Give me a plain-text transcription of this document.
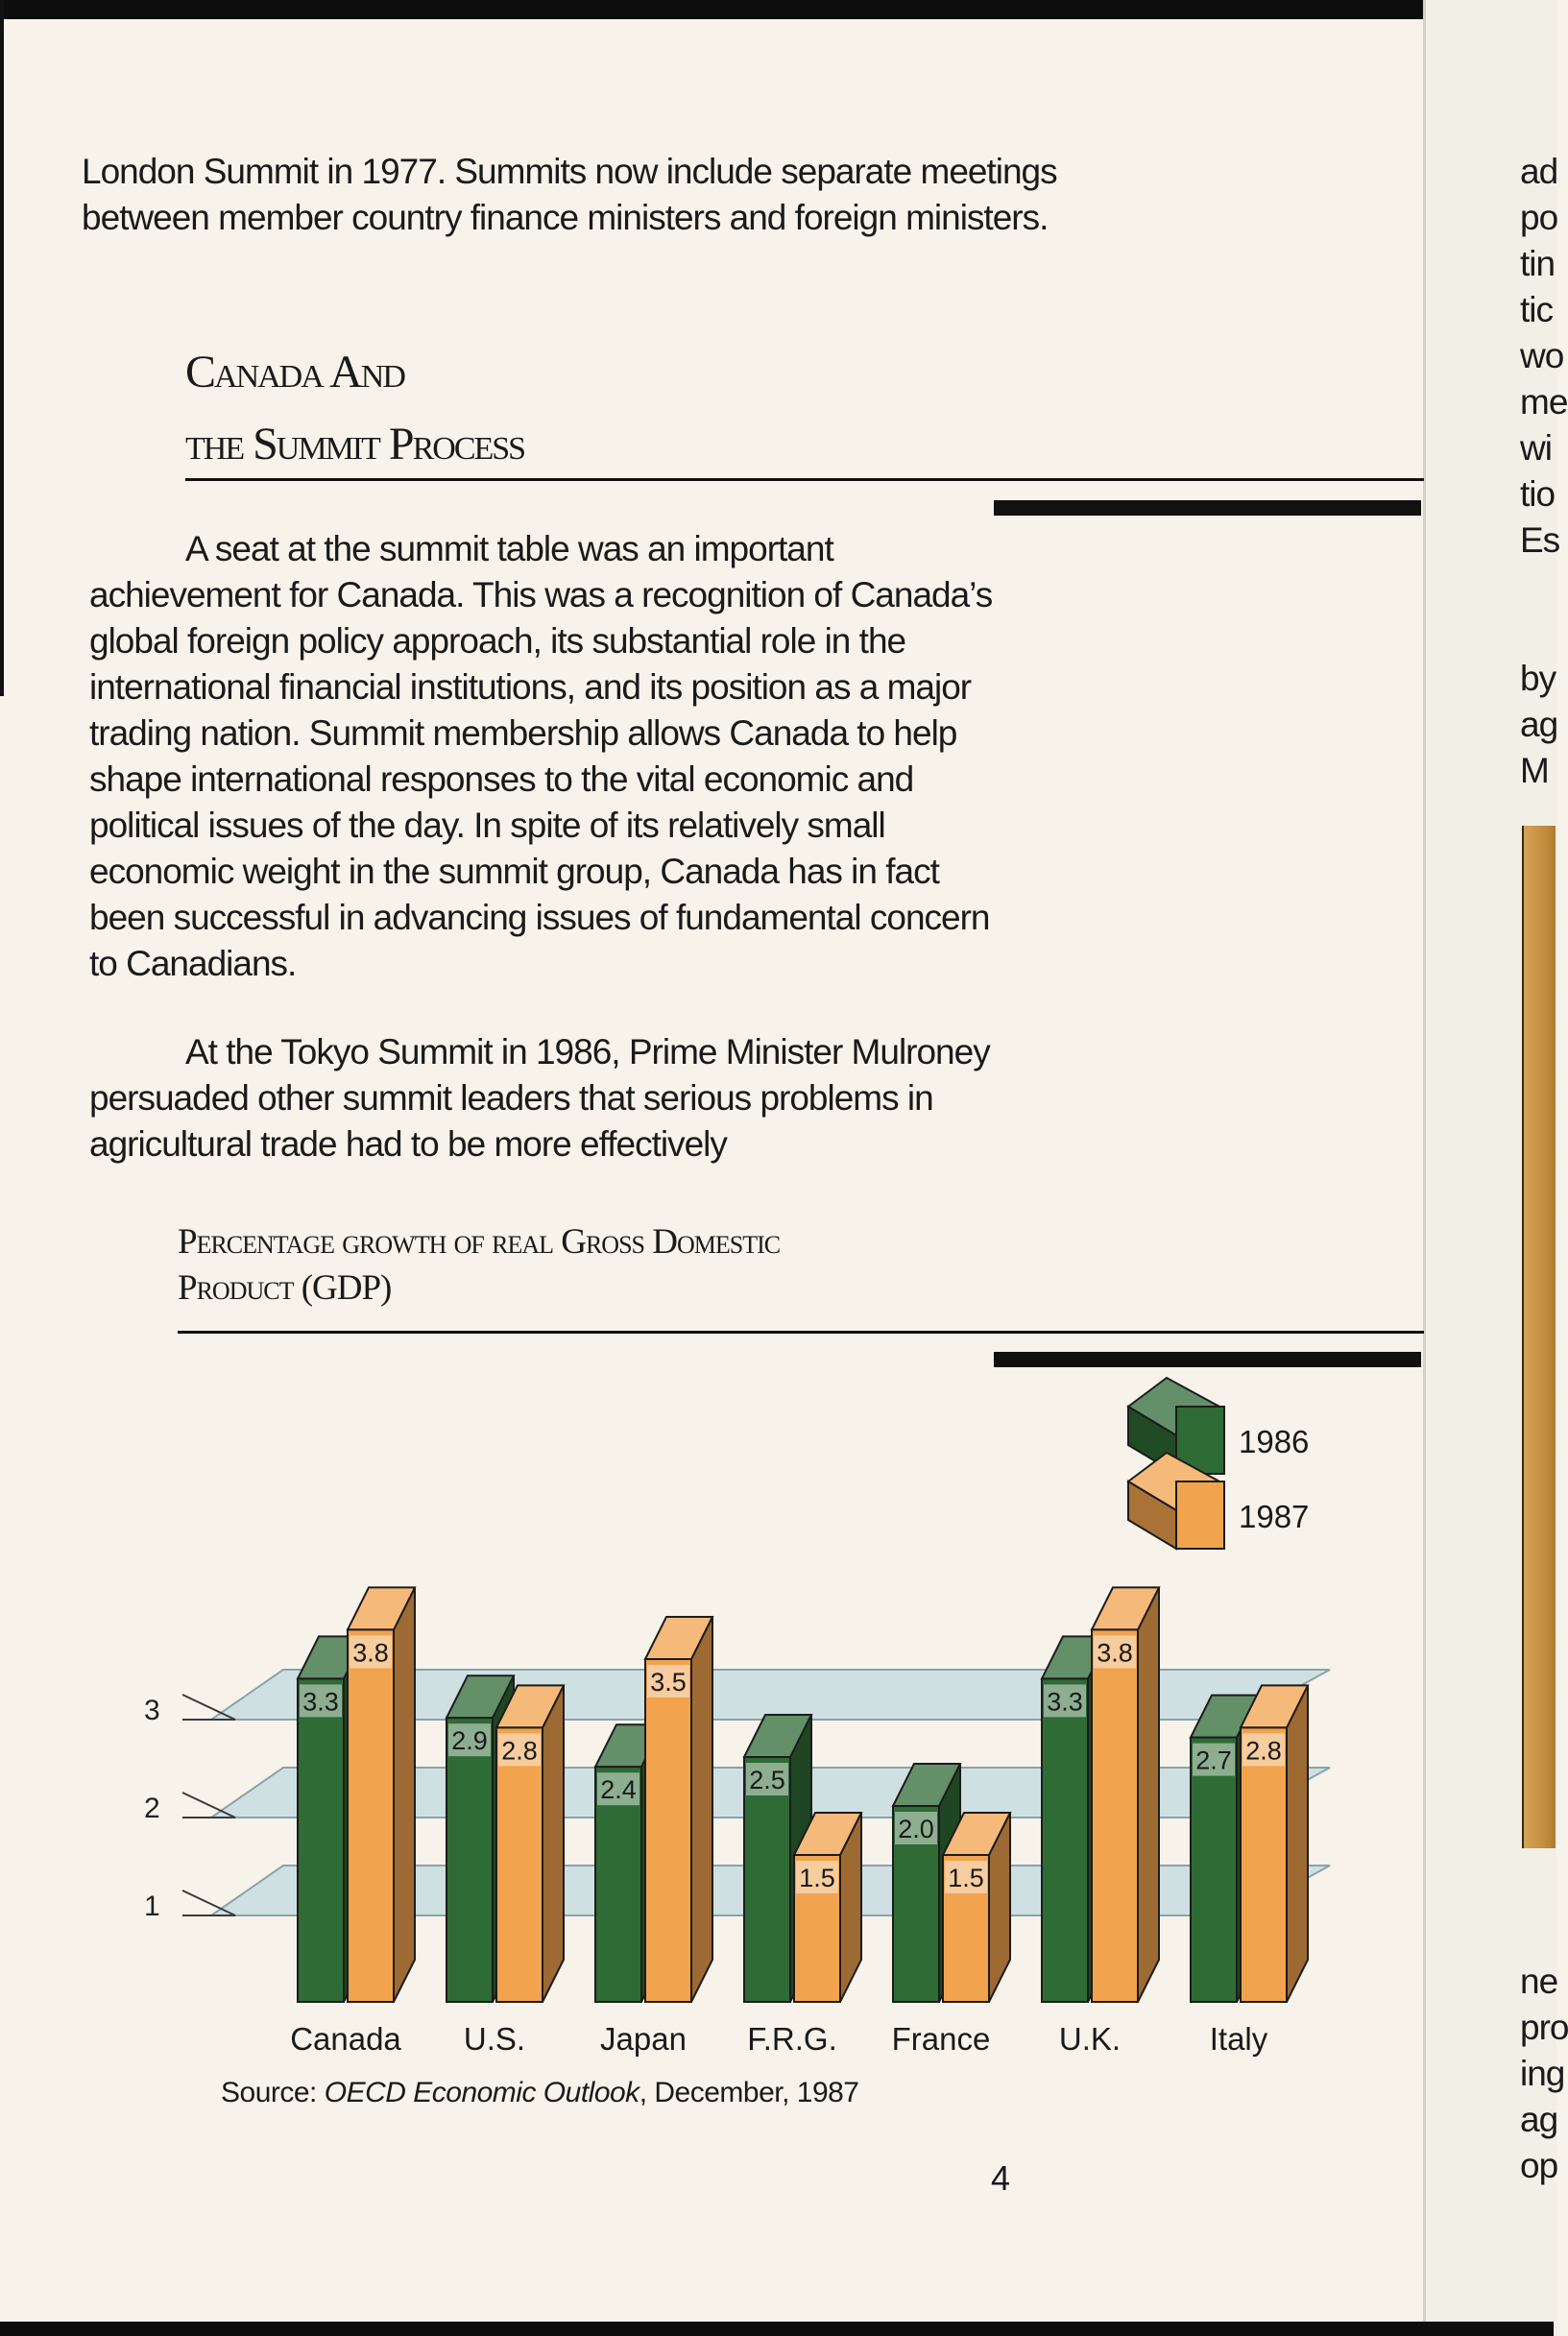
London Summit in 1977. Summits now include separate meetings between member country finance ministers and foreign ministers.

Canada And
the Summit Process

A seat at the summit table was an important achievement for Canada. This was a recognition of Canada’s global foreign policy approach, its substantial role in the international financial institutions, and its position as a major trading nation. Summit membership allows Canada to help shape international responses to the vital economic and political issues of the day. In spite of its relatively small economic weight in the summit group, Canada has in fact been successful in advancing issues of fundamental concern to Canadians.

At the Tokyo Summit in 1986, Prime Minister Mulroney persuaded other summit leaders that serious problems in agricultural trade had to be more effectively

Percentage growth of real Gross Domestic
Product (GDP)
1
2
3	3.3
3.8
2.9 2.8
2.4
3.5
2.5
1.5
2.0
1.5
3.3
3.8
2.7 2.8
Canada U.S. Japan F.R.G. France U.K.	Italy
1986
1987

Source: OECD Economic Outlook, December, 1987

4

ad
po
tin
tic
wo
me
wi
tio
Es

by
ag
M

ne
pro
ing
ag
op
